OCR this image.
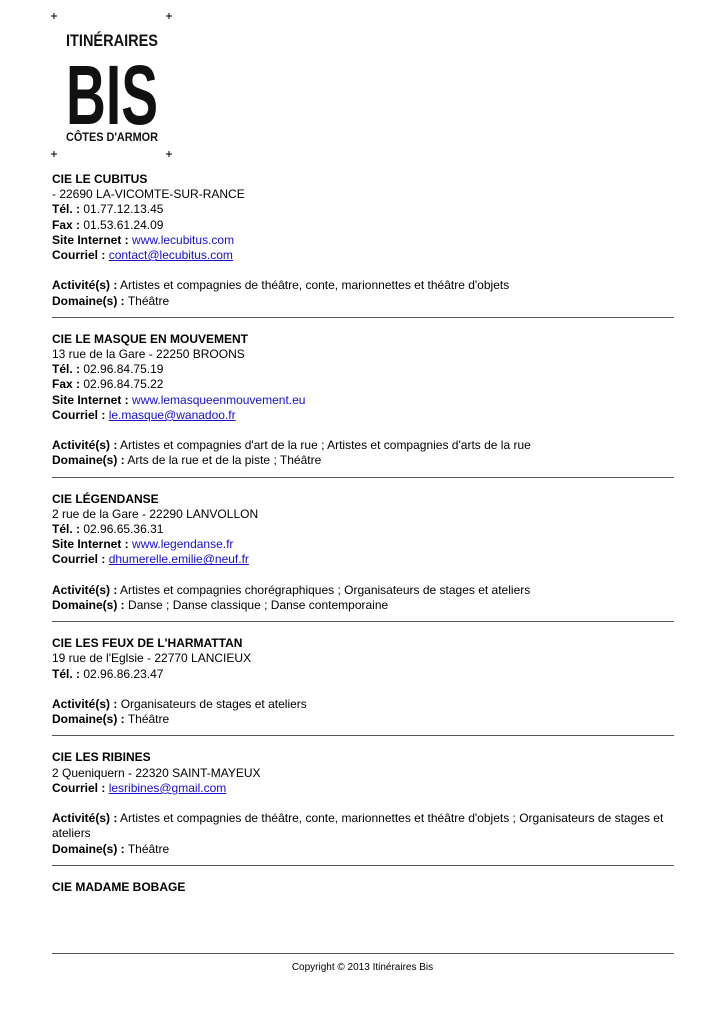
ITINÉRAIRES
BIS
CÔTES D'ARMOR
CIE LE CUBITUS
- 22690 LA-VICOMTE-SUR-RANCE
Tél. : 01.77.12.13.45
Fax : 01.53.61.24.09
Site Internet : www.lecubitus.com
Courriel : contact@lecubitus.com
Activité(s) : Artistes et compagnies de théâtre, conte, marionnettes et théâtre d'objets
Domaine(s) : Théâtre
CIE LE MASQUE EN MOUVEMENT
13 rue de la Gare - 22250 BROONS
Tél. : 02.96.84.75.19
Fax : 02.96.84.75.22
Site Internet : www.lemasqueenmouvement.eu
Courriel : le.masque@wanadoo.fr
Activité(s) : Artistes et compagnies d'art de la rue ; Artistes et compagnies d'arts de la rue
Domaine(s) : Arts de la rue et de la piste ; Théâtre
CIE LÉGENDANSE
2 rue de la Gare - 22290 LANVOLLON
Tél. : 02.96.65.36.31
Site Internet : www.legendanse.fr
Courriel : dhumerelle.emilie@neuf.fr
Activité(s) : Artistes et compagnies chorégraphiques ; Organisateurs de stages et ateliers
Domaine(s) : Danse ; Danse classique ; Danse contemporaine
CIE LES FEUX DE L'HARMATTAN
19 rue de l'Eglsie - 22770 LANCIEUX
Tél. : 02.96.86.23.47
Activité(s) : Organisateurs de stages et ateliers
Domaine(s) : Théâtre
CIE LES RIBINES
2 Queniquern - 22320 SAINT-MAYEUX
Courriel : lesribines@gmail.com
Activité(s) : Artistes et compagnies de théâtre, conte, marionnettes et théâtre d'objets ; Organisateurs de stages et ateliers
Domaine(s) : Théâtre
CIE MADAME BOBAGE
Copyright © 2013 Itinéraires Bis
